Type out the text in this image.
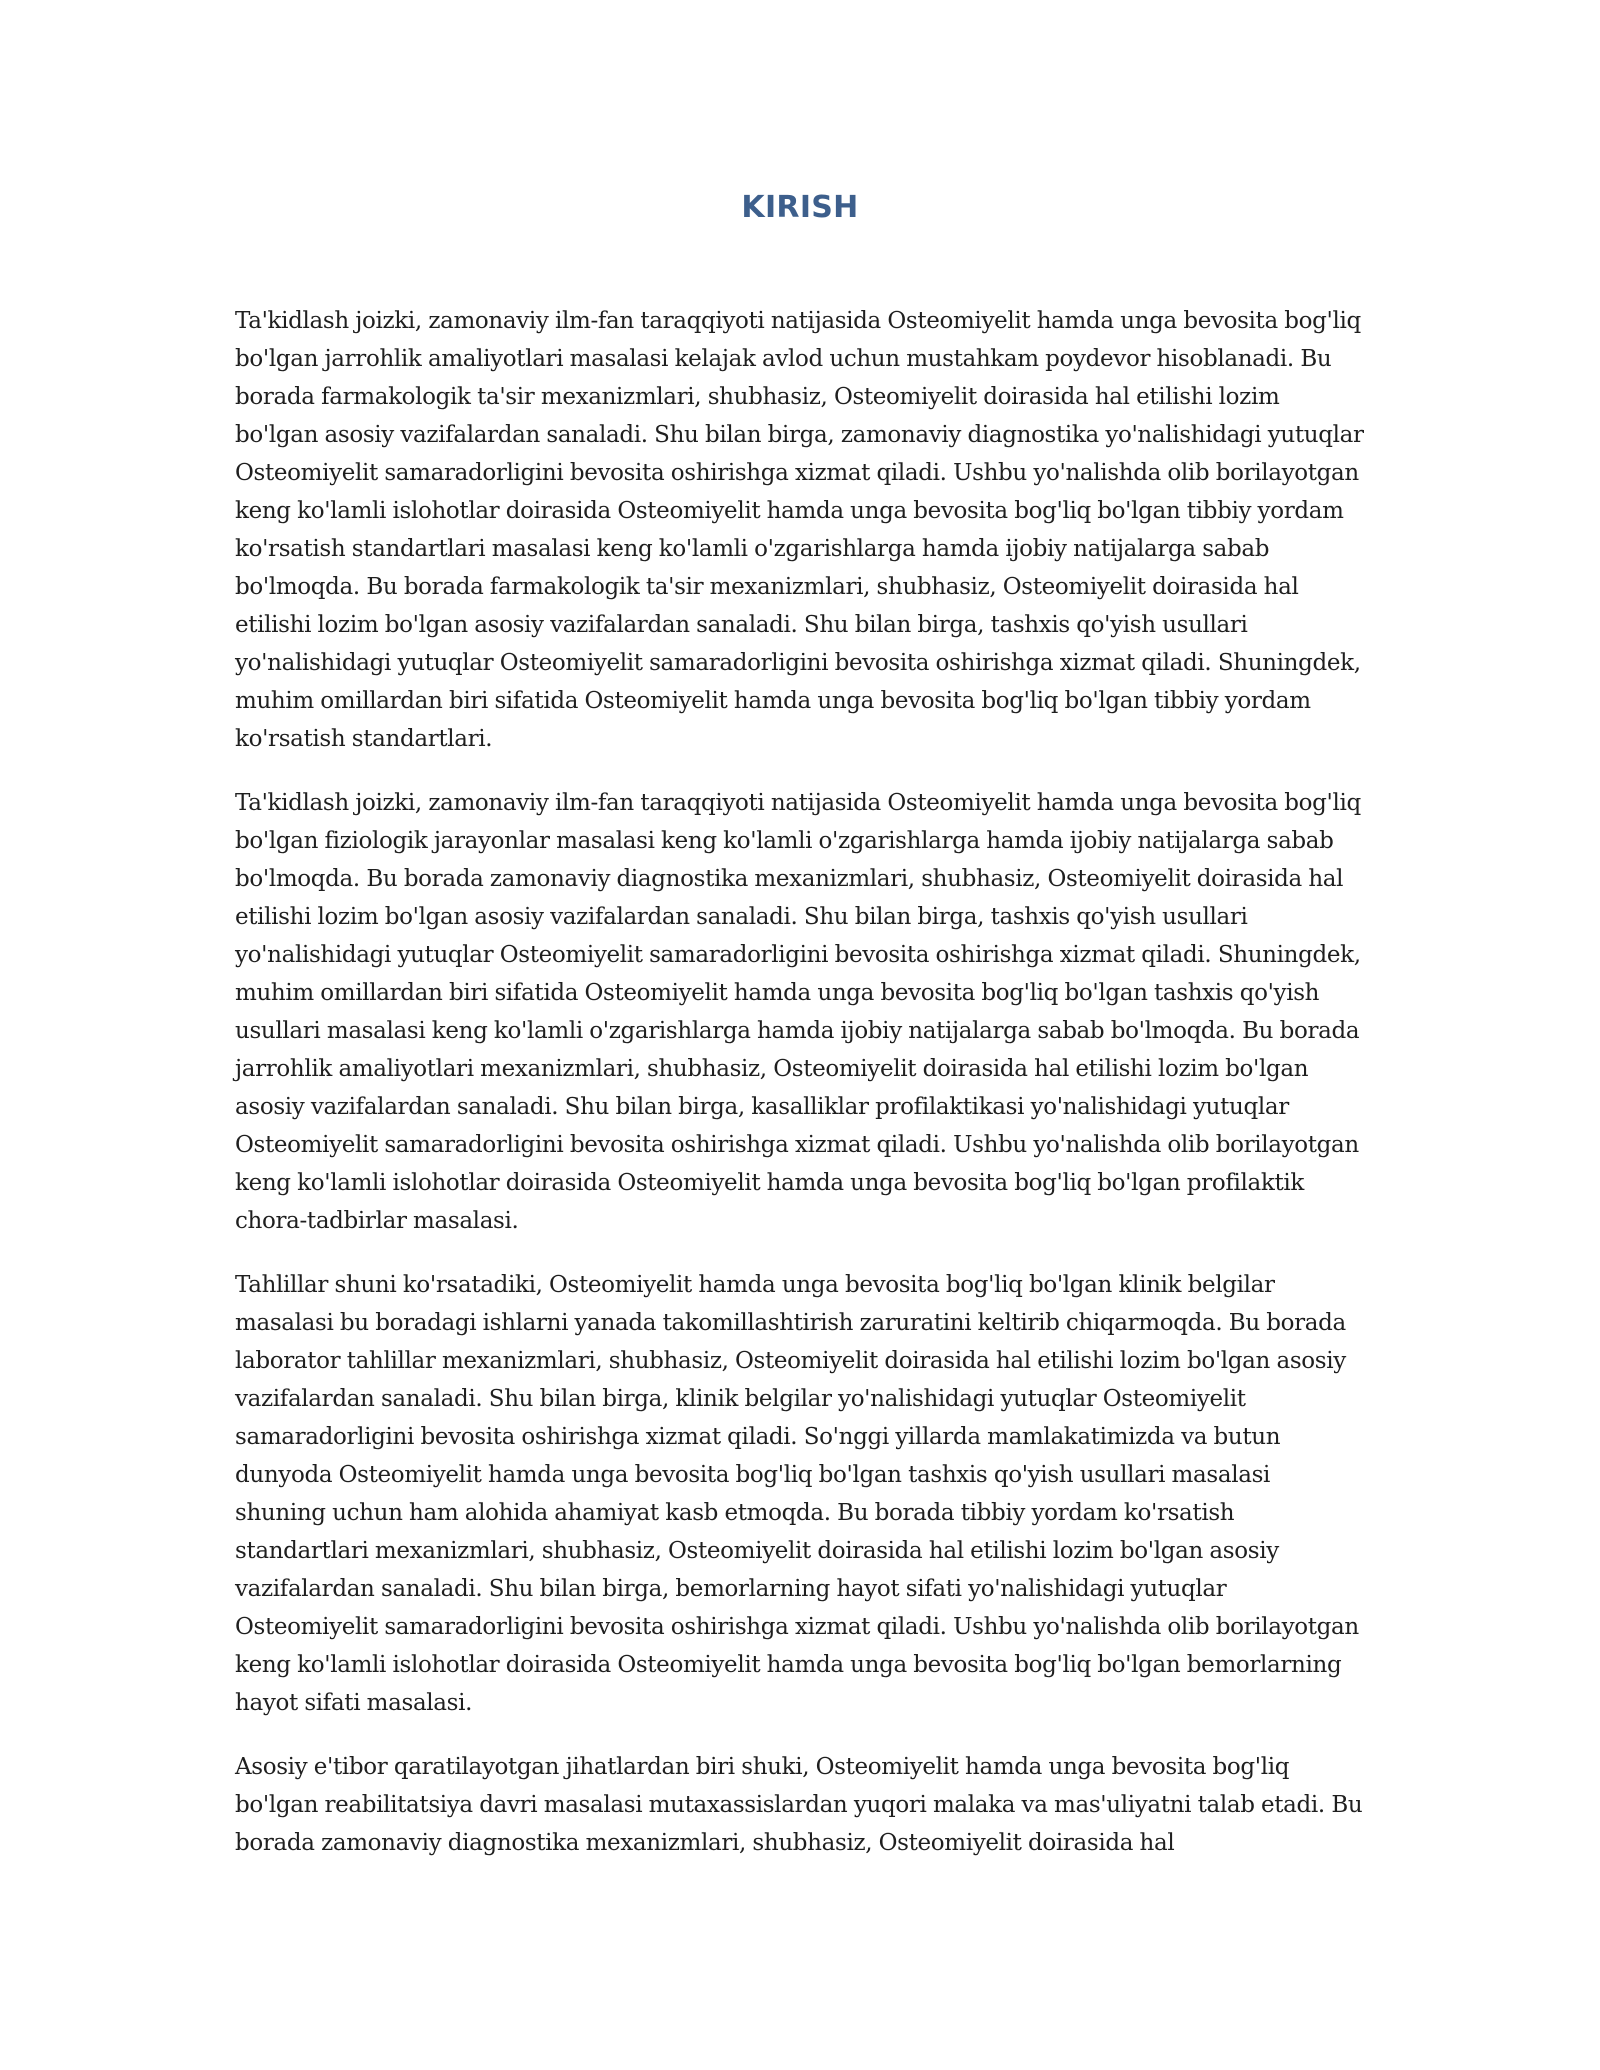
KIRISH

Ta'kidlash joizki, zamonaviy ilm-fan taraqqiyoti natijasida Osteomiyelit hamda unga bevosita bog'liq bo'lgan jarrohlik amaliyotlari masalasi kelajak avlod uchun mustahkam poydevor hisoblanadi. Bu borada farmakologik ta'sir mexanizmlari, shubhasiz, Osteomiyelit doirasida hal etilishi lozim bo'lgan asosiy vazifalardan sanaladi. Shu bilan birga, zamonaviy diagnostika yo'nalishidagi yutuqlar Osteomiyelit samaradorligini bevosita oshirishga xizmat qiladi. Ushbu yo'nalishda olib borilayotgan keng ko'lamli islohotlar doirasida Osteomiyelit hamda unga bevosita bog'liq bo'lgan tibbiy yordam ko'rsatish standartlari masalasi keng ko'lamli o'zgarishlarga hamda ijobiy natijalarga sabab bo'lmoqda. Bu borada farmakologik ta'sir mexanizmlari, shubhasiz, Osteomiyelit doirasida hal etilishi lozim bo'lgan asosiy vazifalardan sanaladi. Shu bilan birga, tashxis qo'yish usullari yo'nalishidagi yutuqlar Osteomiyelit samaradorligini bevosita oshirishga xizmat qiladi. Shuningdek, muhim omillardan biri sifatida Osteomiyelit hamda unga bevosita bog'liq bo'lgan tibbiy yordam ko'rsatish standartlari.

Ta'kidlash joizki, zamonaviy ilm-fan taraqqiyoti natijasida Osteomiyelit hamda unga bevosita bog'liq bo'lgan fiziologik jarayonlar masalasi keng ko'lamli o'zgarishlarga hamda ijobiy natijalarga sabab bo'lmoqda. Bu borada zamonaviy diagnostika mexanizmlari, shubhasiz, Osteomiyelit doirasida hal etilishi lozim bo'lgan asosiy vazifalardan sanaladi. Shu bilan birga, tashxis qo'yish usullari yo'nalishidagi yutuqlar Osteomiyelit samaradorligini bevosita oshirishga xizmat qiladi. Shuningdek, muhim omillardan biri sifatida Osteomiyelit hamda unga bevosita bog'liq bo'lgan tashxis qo'yish usullari masalasi keng ko'lamli o'zgarishlarga hamda ijobiy natijalarga sabab bo'lmoqda. Bu borada jarrohlik amaliyotlari mexanizmlari, shubhasiz, Osteomiyelit doirasida hal etilishi lozim bo'lgan asosiy vazifalardan sanaladi. Shu bilan birga, kasalliklar profilaktikasi yo'nalishidagi yutuqlar Osteomiyelit samaradorligini bevosita oshirishga xizmat qiladi. Ushbu yo'nalishda olib borilayotgan keng ko'lamli islohotlar doirasida Osteomiyelit hamda unga bevosita bog'liq bo'lgan profilaktik chora-tadbirlar masalasi.

Tahlillar shuni ko'rsatadiki, Osteomiyelit hamda unga bevosita bog'liq bo'lgan klinik belgilar masalasi bu boradagi ishlarni yanada takomillashtirish zaruratini keltirib chiqarmoqda. Bu borada laborator tahlillar mexanizmlari, shubhasiz, Osteomiyelit doirasida hal etilishi lozim bo'lgan asosiy vazifalardan sanaladi. Shu bilan birga, klinik belgilar yo'nalishidagi yutuqlar Osteomiyelit samaradorligini bevosita oshirishga xizmat qiladi. So'nggi yillarda mamlakatimizda va butun dunyoda Osteomiyelit hamda unga bevosita bog'liq bo'lgan tashxis qo'yish usullari masalasi shuning uchun ham alohida ahamiyat kasb etmoqda. Bu borada tibbiy yordam ko'rsatish standartlari mexanizmlari, shubhasiz, Osteomiyelit doirasida hal etilishi lozim bo'lgan asosiy vazifalardan sanaladi. Shu bilan birga, bemorlarning hayot sifati yo'nalishidagi yutuqlar Osteomiyelit samaradorligini bevosita oshirishga xizmat qiladi. Ushbu yo'nalishda olib borilayotgan keng ko'lamli islohotlar doirasida Osteomiyelit hamda unga bevosita bog'liq bo'lgan bemorlarning hayot sifati masalasi.

Asosiy e'tibor qaratilayotgan jihatlardan biri shuki, Osteomiyelit hamda unga bevosita bog'liq bo'lgan reabilitatsiya davri masalasi mutaxassislardan yuqori malaka va mas'uliyatni talab etadi. Bu borada zamonaviy diagnostika mexanizmlari, shubhasiz, Osteomiyelit doirasida hal
